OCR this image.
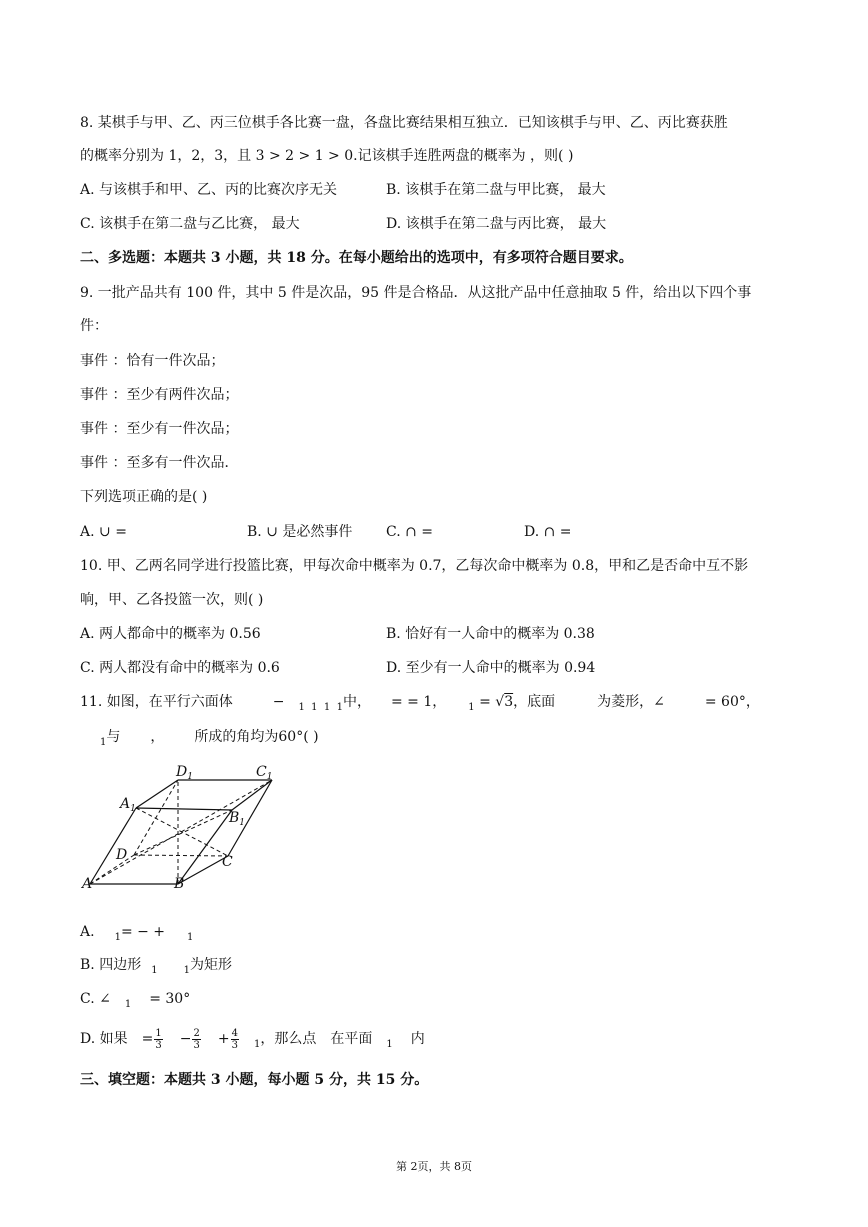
8. 某棋手与甲、乙、丙三位棋手各比赛一盘，各盘比赛结果相互独立．已知该棋手与甲、乙、丙比赛获胜
的概率分别为 1，2，3，且 3 > 2 > 1 > 0.记该棋手连胜两盘的概率为 ，则( )
A. 与该棋手和甲、乙、丙的比赛次序无关	B. 该棋手在第二盘与甲比赛， 最大
C. 该棋手在第二盘与乙比赛， 最大	D. 该棋手在第二盘与丙比赛， 最大
二、多选题：本题共 3 小题，共 18 分。在每小题给出的选项中，有多项符合题目要求。
9. 一批产品共有 100 件，其中 5 件是次品，95 件是合格品．从这批产品中任意抽取 5 件，给出以下四个事
件：
事件 ：恰有一件次品；
事件 ：至少有两件次品；
事件 ：至少有一件次品；
事件 ：至多有一件次品．
下列选项正确的是( )
A. ∪ =	B. ∪ 是必然事件 C. ∩ =	D. ∩ =
10. 甲、乙两名同学进行投篮比赛，甲每次命中概率为 0.7，乙每次命中概率为 0.8，甲和乙是否命中互不影
响，甲、乙各投篮一次，则( )
A. 两人都命中的概率为 0.56	B. 恰好有一人命中的概率为 0.38
C. 两人都没有命中的概率为 0.6	D. 至少有一人命中的概率为 0.94
11. 如图，在平行六面体	− $_{1 1 1 1}$中， = = 1， $_1$ = √3，底面	为菱形，∠	= 60°，
$_1$与 ， 所成的角均为60°( )
$D_1$	$C_1$
$A_1$
$B_1$
D	C
A	B
A. $_1$= − + $_1$
B. 四边形 $_1$	$_1$为矩形
C. ∠ $_1$ = 30°
D. 如果 = $\frac{1}{3} - \frac{2}{3} + \frac{4}{3} _1$，那么点 在平面 $_1$ 内
三、填空题：本题共 3 小题，每小题 5 分，共 15 分。
第 2页，共 8页
